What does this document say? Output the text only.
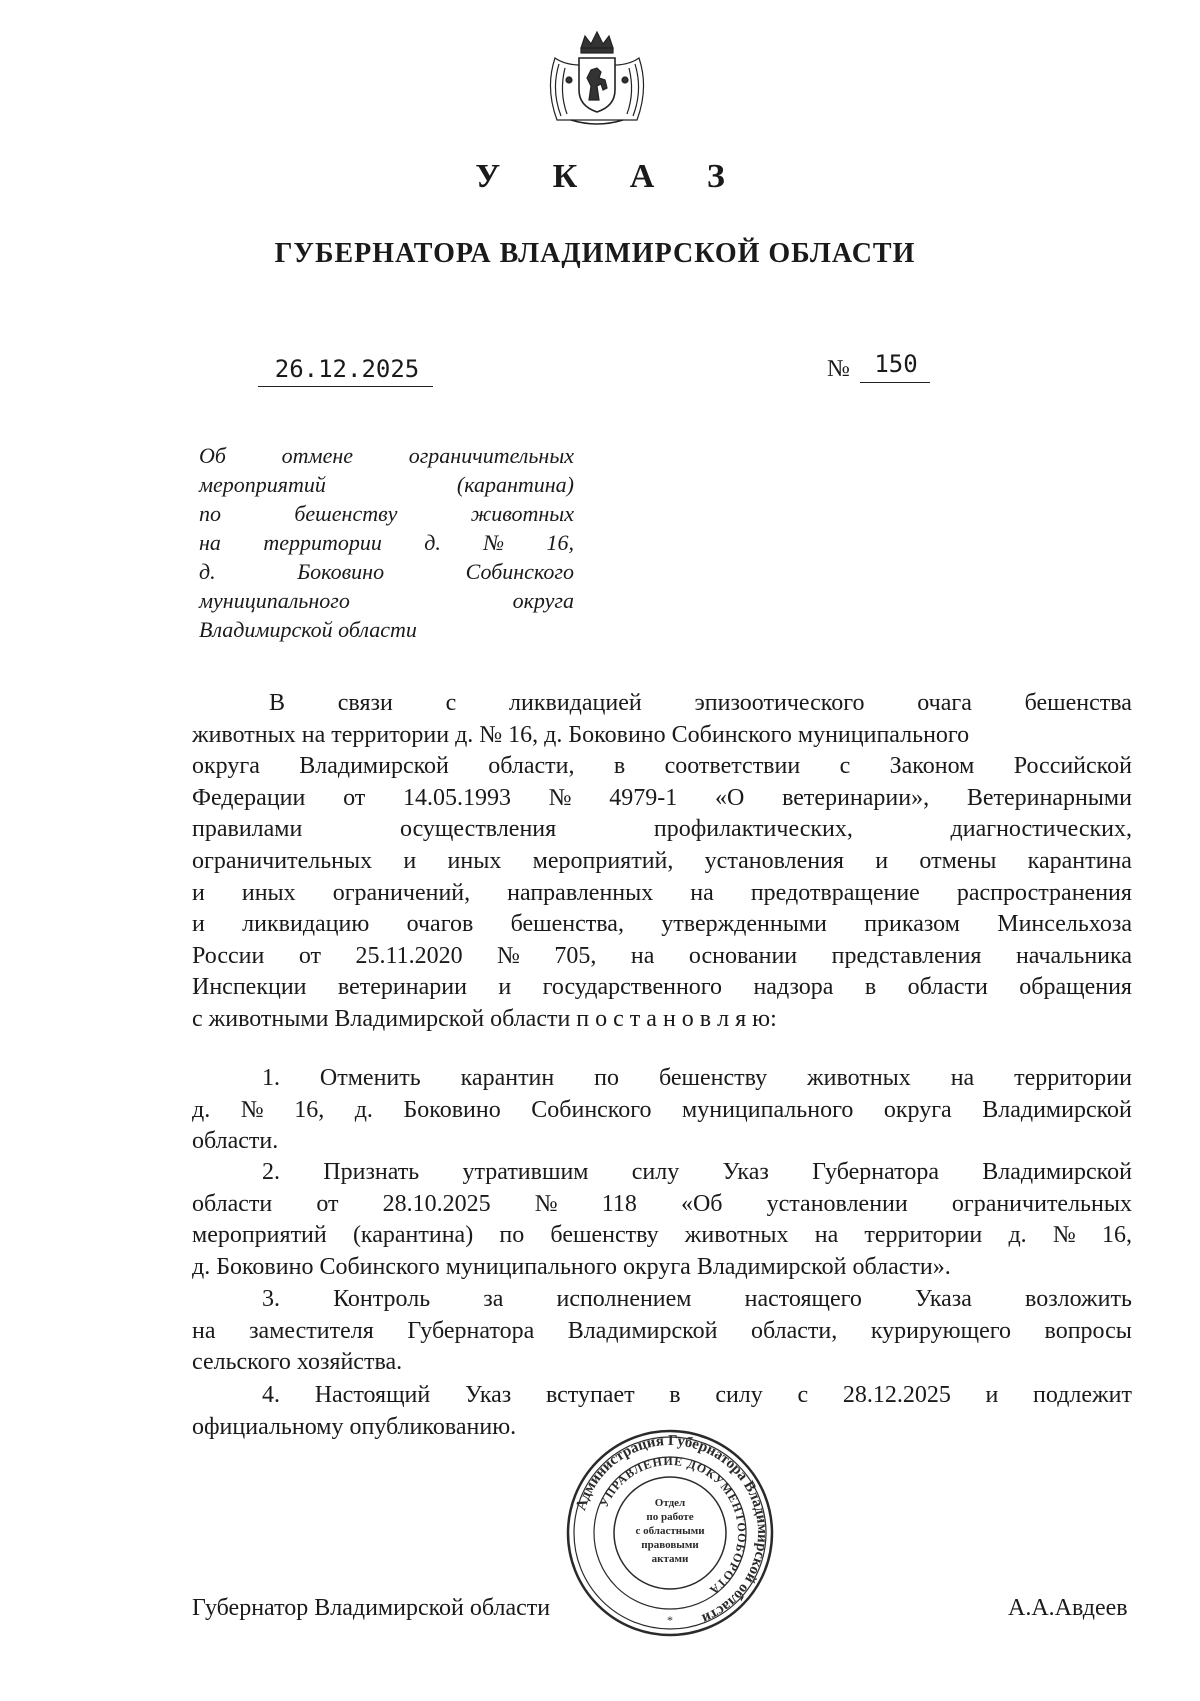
У К А З
ГУБЕРНАТОРА ВЛАДИМИРСКОЙ ОБЛАСТИ
26.12.2025	№	150
Об	отмене	ограничительных
мероприятий	(карантина)
по	бешенству	животных
на территории д. № 16,
д.	Боковино	Собинского
муниципального	округа
Владимирской области
В связи с ликвидацией эпизоотического очага бешенства
животных на территории д. № 16, д. Боковино Собинского муниципального
округа Владимирской области, в соответствии с Законом Российской
Федерации от 14.05.1993 № 4979-1 «О ветеринарии», Ветеринарными
правилами	осуществления	профилактических,	диагностических,
ограничительных и иных мероприятий, установления и отмены карантина
и иных ограничений, направленных на предотвращение распространения
и ликвидацию очагов бешенства, утвержденными приказом Минсельхоза
России от 25.11.2020 № 705, на основании представления начальника
Инспекции ветеринарии и государственного надзора в области обращения
с животными Владимирской области п о с т а н о в л я ю:
1. Отменить карантин по бешенству животных на территории
д. № 16, д. Боковино Собинского муниципального округа Владимирской
области.
2. Признать утратившим силу Указ Губернатора Владимирской
области от 28.10.2025 № 118 «Об установлении ограничительных
мероприятий (карантина) по бешенству животных на территории д. № 16,
д. Боковино Собинского муниципального округа Владимирской области».
3. Контроль за исполнением настоящего Указа возложить
на заместителя Губернатора Владимирской области, курирующего вопросы
сельского хозяйства.
4. Настоящий Указ вступает в силу с 28.12.2025 и подлежит
официальному опубликованию.
Губернатор Владимирской области	А.А.Авдеев
Администрация Губернатора Владимирской области
УПРАВЛЕНИЕ ДОКУМЕНТООБОРОТА
Отдел
по работе
с областными
правовыми
актами
*
